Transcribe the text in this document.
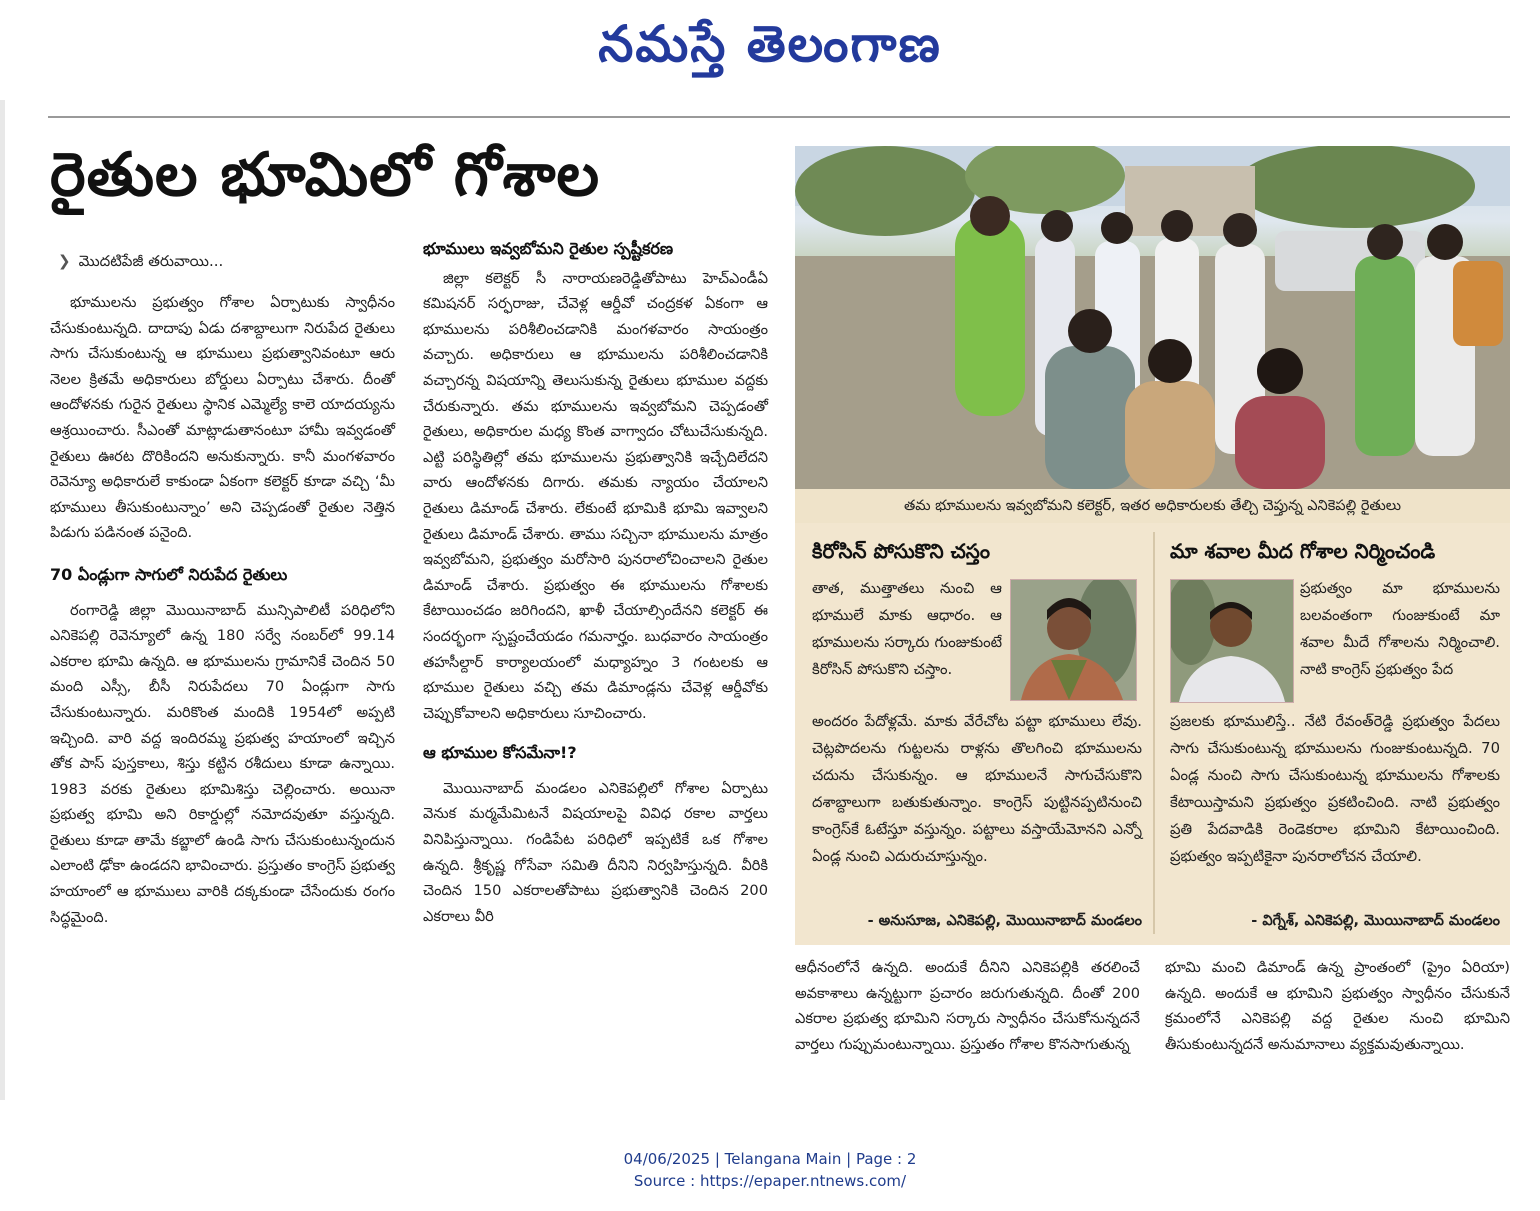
నమస్తే తెలంగాణ
రైతుల భూమిలో గోశాల
❯ మొదటిపేజీ తరువాయి...

భూములను ప్రభుత్వం గోశాల ఏర్పాటుకు స్వాధీనం చేసుకుంటున్నది. దాదాపు ఏడు దశాబ్దాలుగా నిరుపేద రైతులు సాగు చేసుకుంటున్న ఆ భూములు ప్రభుత్వానివంటూ ఆరు నెలల క్రితమే అధికారులు బోర్డులు ఏర్పాటు చేశారు. దీంతో ఆందోళనకు గురైన రైతులు స్థానిక ఎమ్మెల్యే కాలె యాదయ్యను ఆశ్రయించారు. సీఎంతో మాట్లాడుతానంటూ హామీ ఇవ్వడంతో రైతులు ఊరట దొరికిందని అనుకున్నారు. కానీ మంగళవారం రెవెన్యూ అధికారులే కాకుండా ఏకంగా కలెక్టర్ కూడా వచ్చి ‘మీ భూములు తీసుకుంటున్నాం’ అని చెప్పడంతో రైతుల నెత్తిన పిడుగు పడినంత పనైంది.

70 ఏండ్లుగా సాగులో నిరుపేద రైతులు

రంగారెడ్డి జిల్లా మొయినాబాద్ మున్సిపాలిటీ పరిధిలోని ఎనికెపల్లి రెవెన్యూలో ఉన్న 180 సర్వే నంబర్‌లో 99.14 ఎకరాల భూమి ఉన్నది. ఆ భూములను గ్రామానికే చెందిన 50 మంది ఎస్సీ, బీసీ నిరుపేదలు 70 ఏండ్లుగా సాగు చేసుకుంటున్నారు. మరికొంత మందికి 1954లో అప్పటి ఇచ్చింది. వారి వద్ద ఇందిరమ్మ ప్రభుత్వ హయాంలో ఇచ్చిన తోక పాస్ పుస్తకాలు, శిస్తు కట్టిన రశీదులు కూడా ఉన్నాయి. 1983 వరకు రైతులు భూమిశిస్తు చెల్లించారు. అయినా ప్రభుత్వ భూమి అని రికార్డుల్లో నమోదవుతూ వస్తున్నది. రైతులు కూడా తామే కబ్జాలో ఉండి సాగు చేసుకుంటున్నందున ఎలాంటి ఢోకా ఉండదని భావించారు. ప్రస్తుతం కాంగ్రెస్ ప్రభుత్వ హయాంలో ఆ భూములు వారికి దక్కకుండా చేసేందుకు రంగం సిద్ధమైంది.

భూములు ఇవ్వబోమని రైతుల స్పష్టీకరణ

జిల్లా కలెక్టర్ సీ నారాయణరెడ్డితోపాటు హెచ్‌ఎండీఏ కమిషనర్ సర్ఫరాజు, చేవెళ్ల ఆర్డీవో చంద్రకళ ఏకంగా ఆ భూములను పరిశీలించడానికి మంగళవారం సాయంత్రం వచ్చారు. అధికారులు ఆ భూములను పరిశీలించడానికి వచ్చారన్న విషయాన్ని తెలుసుకున్న రైతులు భూముల వద్దకు చేరుకున్నారు. తమ భూములను ఇవ్వబోమని చెప్పడంతో రైతులు, అధికారుల మధ్య కొంత వాగ్వాదం చోటుచేసుకున్నది. ఎట్టి పరిస్థితిల్లో తమ భూములను ప్రభుత్వానికి ఇచ్చేదిలేదని వారు ఆందోళనకు దిగారు. తమకు న్యాయం చేయాలని రైతులు డిమాండ్ చేశారు. లేకుంటే భూమికి భూమి ఇవ్వాలని రైతులు డిమాండ్ చేశారు. తాము సచ్చినా భూములను మాత్రం ఇవ్వబోమని, ప్రభుత్వం మరోసారి పునరాలోచించాలని రైతుల డిమాండ్ చేశారు. ప్రభుత్వం ఈ భూములను గోశాలకు కేటాయించడం జరిగిందని, ఖాళీ చేయాల్సిందేనని కలెక్టర్ ఈ సందర్భంగా స్పష్టంచేయడం గమనార్హం. బుధవారం సాయంత్రం తహసీల్దార్ కార్యాలయంలో మధ్యాహ్నం 3 గంటలకు ఆ భూముల రైతులు వచ్చి తమ డిమాండ్లను చేవెళ్ల ఆర్డీవోకు చెప్పుకోవాలని అధికారులు సూచించారు.

ఆ భూముల కోసమేనా!?

మొయినాబాద్ మండలం ఎనికెపల్లిలో గోశాల ఏర్పాటు వెనుక మర్మమేమిటనే విషయాలపై వివిధ రకాల వార్తలు వినిపిస్తున్నాయి. గండిపేట పరిధిలో ఇప్పటికే ఒక గోశాల ఉన్నది. శ్రీకృష్ణ గోసేవా సమితి దీనిని నిర్వహిస్తున్నది. వీరికి చెందిన 150 ఎకరాలతోపాటు ప్రభుత్వానికి చెందిన 200 ఎకరాలు వీరి

తమ భూములను ఇవ్వబోమని కలెక్టర్, ఇతర అధికారులకు తేల్చి చెప్తున్న ఎనికెపల్లి రైతులు
కిరోసిన్ పోసుకొని చస్తం
తాత, ముత్తాతలు నుంచి ఆ భూములే మాకు ఆధారం. ఆ భూములను సర్కారు గుంజుకుంటే కిరోసిన్ పోసుకొని చస్తాం.
అందరం పేదోళ్లమే. మాకు వేరేచోట పట్టా భూములు లేవు. చెట్లపొదలను గుట్టలను రాళ్లను తొలగించి భూములను చదును చేసుకున్నం. ఆ భూములనే సాగుచేసుకొని దశాబ్దాలుగా బతుకుతున్నాం. కాంగ్రెస్ పుట్టినప్పటినుంచి కాంగ్రెస్‌కే ఓటేస్తూ వస్తున్నం. పట్టాలు వస్తాయేమోనని ఎన్నో ఏండ్ల నుంచి ఎదురుచూస్తున్నం.
- అనుసూజ, ఎనికెపల్లి, మొయినాబాద్ మండలం
మా శవాల మీద గోశాల నిర్మించండి
ప్రభుత్వం మా భూములను బలవంతంగా గుంజుకుంటే మా శవాల మీదే గోశాలను నిర్మించాలి. నాటి కాంగ్రెస్ ప్రభుత్వం పేద
ప్రజలకు భూములిస్తే.. నేటి రేవంత్‌రెడ్డి ప్రభుత్వం పేదలు సాగు చేసుకుంటున్న భూములను గుంజుకుంటున్నది. 70 ఏండ్ల నుంచి సాగు చేసుకుంటున్న భూములను గోశాలకు కేటాయిస్తామని ప్రభుత్వం ప్రకటించింది. నాటి ప్రభుత్వం ప్రతి పేదవాడికి రెండెకరాల భూమిని కేటాయించింది. ప్రభుత్వం ఇప్పటికైనా పునరాలోచన చేయాలి.
- విగ్నేశ్, ఎనికెపల్లి, మొయినాబాద్ మండలం
ఆధీనంలోనే ఉన్నది. అందుకే దీనిని ఎనికెపల్లికి తరలించే అవకాశాలు ఉన్నట్టుగా ప్రచారం జరుగుతున్నది. దీంతో 200 ఎకరాల ప్రభుత్వ భూమిని సర్కారు స్వాధీనం చేసుకోనున్నదనే వార్తలు గుప్పుమంటున్నాయి. ప్రస్తుతం గోశాల కొనసాగుతున్న
భూమి మంచి డిమాండ్ ఉన్న ప్రాంతంలో (ప్రైం ఏరియా) ఉన్నది. అందుకే ఆ భూమిని ప్రభుత్వం స్వాధీనం చేసుకునే క్రమంలోనే ఎనికెపల్లి వద్ద రైతుల నుంచి భూమిని తీసుకుంటున్నదనే అనుమానాలు వ్యక్తమవుతున్నాయి.
04/06/2025 | Telangana Main | Page : 2
Source : https://epaper.ntnews.com/
